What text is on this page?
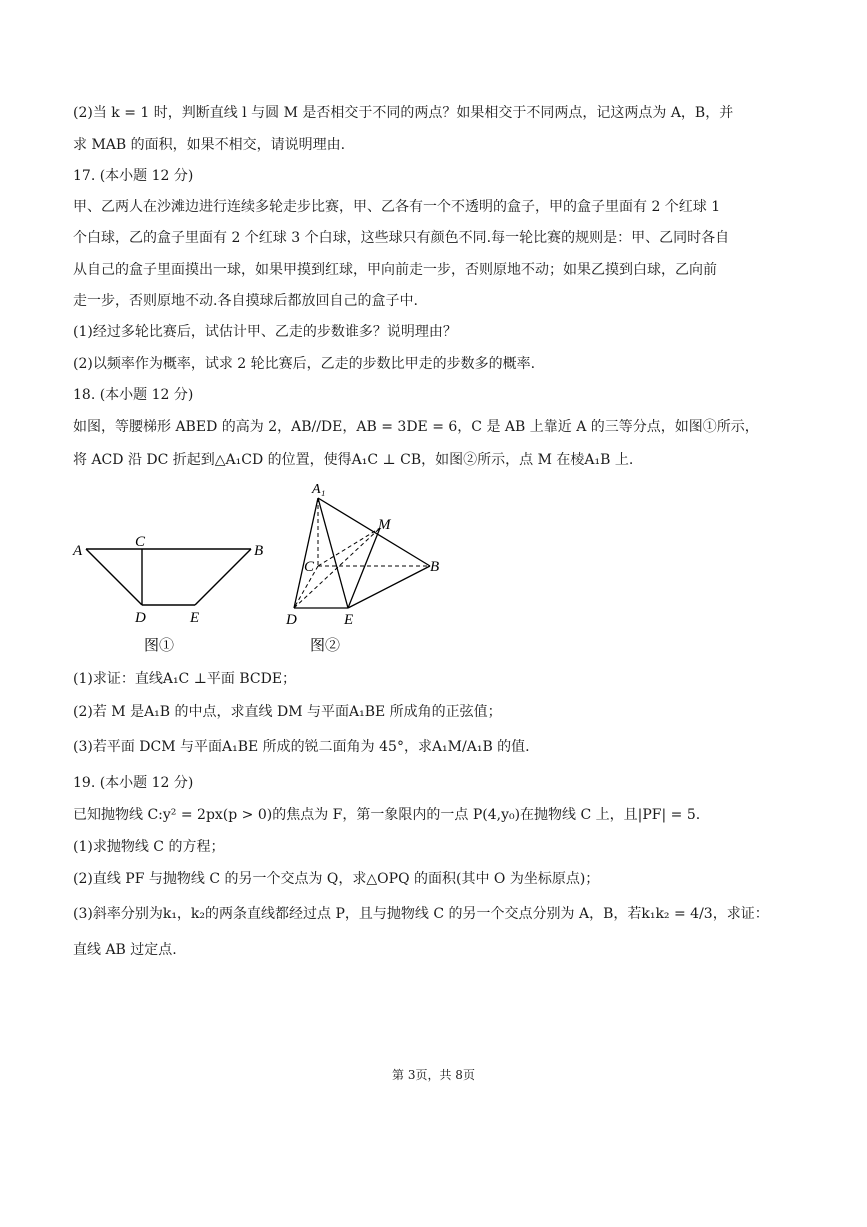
(2)当 k = 1 时，判断直线 l 与圆 M 是否相交于不同的两点？如果相交于不同两点，记这两点为 A，B，并
求 MAB 的面积，如果不相交，请说明理由.
17. (本小题 12 分)
甲、乙两人在沙滩边进行连续多轮走步比赛，甲、乙各有一个不透明的盒子，甲的盒子里面有 2 个红球 1
个白球，乙的盒子里面有 2 个红球 3 个白球，这些球只有颜色不同.每一轮比赛的规则是：甲、乙同时各自
从自己的盒子里面摸出一球，如果甲摸到红球，甲向前走一步，否则原地不动；如果乙摸到白球，乙向前
走一步，否则原地不动.各自摸球后都放回自己的盒子中.
(1)经过多轮比赛后，试估计甲、乙走的步数谁多？说明理由？
(2)以频率作为概率，试求 2 轮比赛后，乙走的步数比甲走的步数多的概率.
18. (本小题 12 分)
如图，等腰梯形 ABED 的高为 2，AB//DE，AB = 3DE = 6，C 是 AB 上靠近 A 的三等分点，如图①所示，
将 ACD 沿 DC 折起到△A₁CD 的位置，使得A₁C ⊥ CB，如图②所示，点 M 在棱A₁B 上.
A
C
B
D	E
图①
A₁
M
C	B
D	E
图②
(1)求证：直线A₁C ⊥平面 BCDE；
(2)若 M 是A₁B 的中点，求直线 DM 与平面A₁BE 所成角的正弦值；
(3)若平面 DCM 与平面A₁BE 所成的锐二面角为 45°，求A₁M/A₁B 的值.
19. (本小题 12 分)
已知抛物线 C:y² = 2px(p > 0)的焦点为 F，第一象限内的一点 P(4,y₀)在抛物线 C 上，且|PF| = 5.
(1)求抛物线 C 的方程；
(2)直线 PF 与抛物线 C 的另一个交点为 Q，求△OPQ 的面积(其中 O 为坐标原点)；
(3)斜率分别为k₁，k₂的两条直线都经过点 P，且与抛物线 C 的另一个交点分别为 A，B，若k₁k₂ = 4/3，求证：
直线 AB 过定点.
第 3页，共 8页
